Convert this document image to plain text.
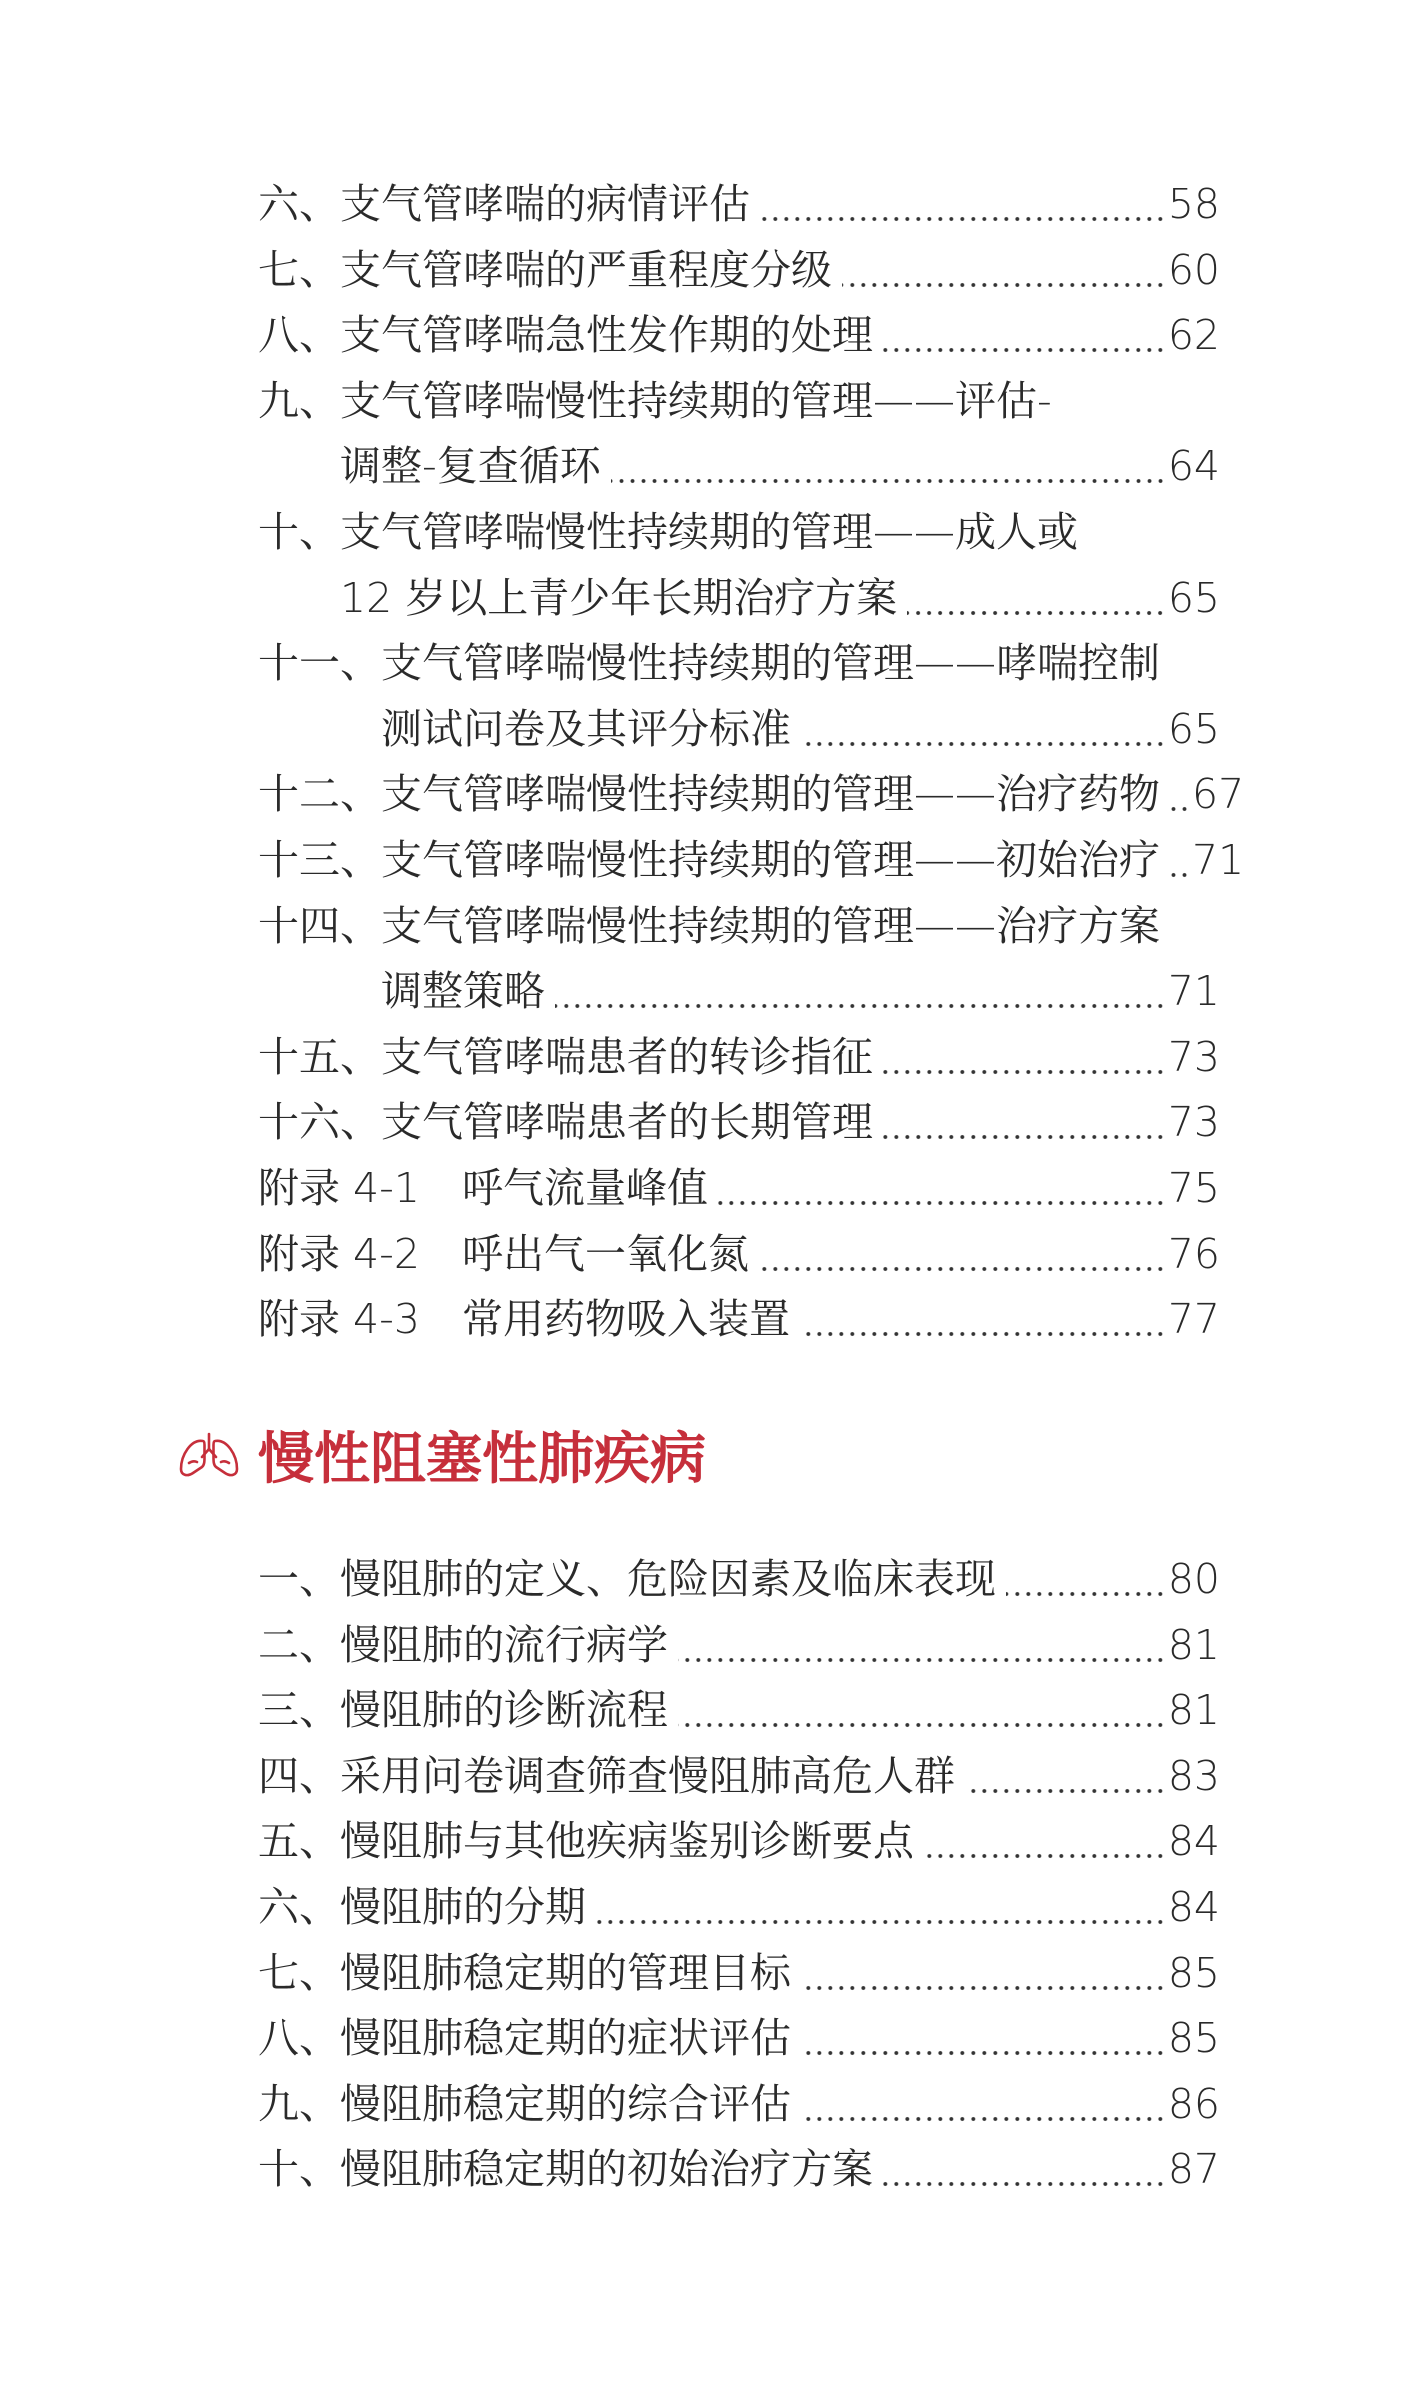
六、支气管哮喘的病情评估	58
七、支气管哮喘的严重程度分级	60
八、支气管哮喘急性发作期的处理	62
九、支气管哮喘慢性持续期的管理——评估-
调整-复查循环	64
十、支气管哮喘慢性持续期的管理——成人或
12 岁以上青少年长期治疗方案	65
十一、支气管哮喘慢性持续期的管理——哮喘控制
测试问卷及其评分标准	65
十二、支气管哮喘慢性持续期的管理——治疗药物 67
十三、支气管哮喘慢性持续期的管理——初始治疗 71
十四、支气管哮喘慢性持续期的管理——治疗方案
调整策略	71
十五、支气管哮喘患者的转诊指征	73
十六、支气管哮喘患者的长期管理	73
附录 4-1 呼气流量峰值	75
附录 4-2 呼出气一氧化氮	76
附录 4-3 常用药物吸入装置	77
慢性阻塞性肺疾病
一、慢阻肺的定义、危险因素及临床表现	80
二、慢阻肺的流行病学	81
三、慢阻肺的诊断流程	81
四、采用问卷调查筛查慢阻肺高危人群	83
五、慢阻肺与其他疾病鉴别诊断要点	84
六、慢阻肺的分期	84
七、慢阻肺稳定期的管理目标	85
八、慢阻肺稳定期的症状评估	85
九、慢阻肺稳定期的综合评估	86
十、慢阻肺稳定期的初始治疗方案	87
